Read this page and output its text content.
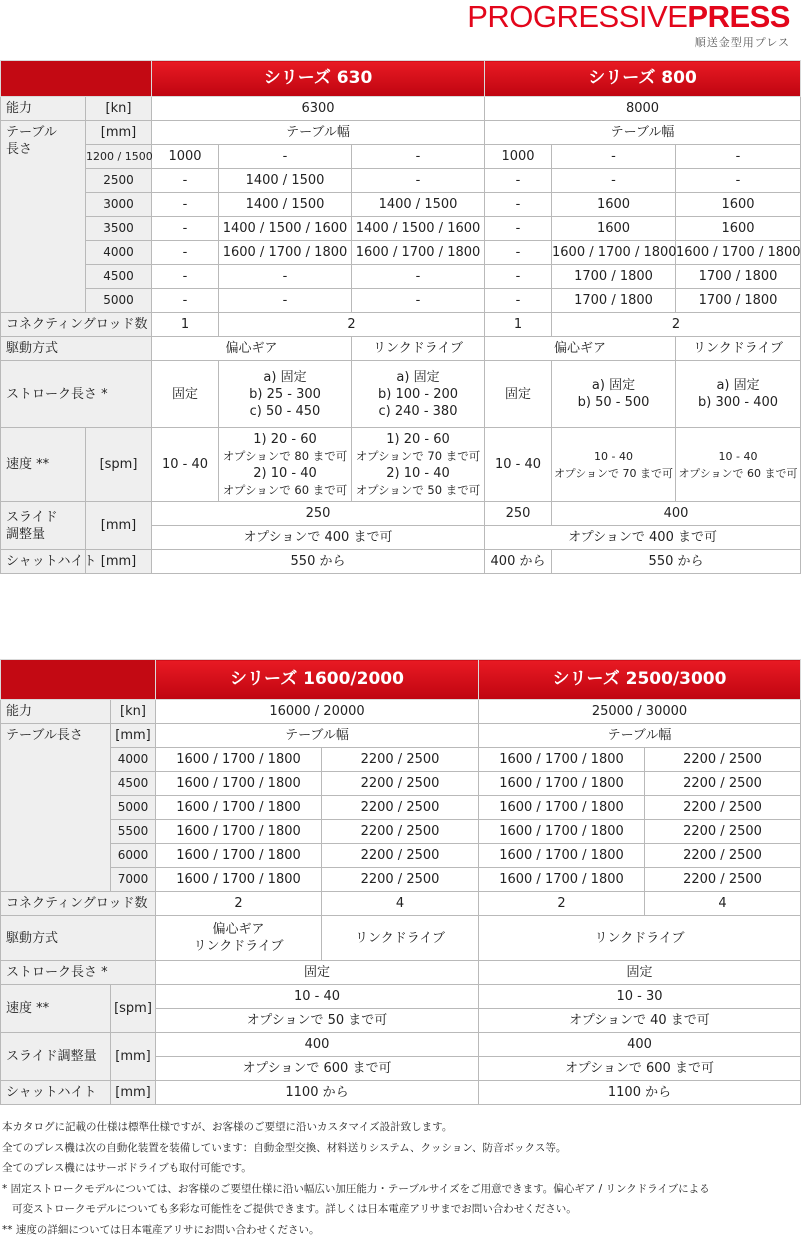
PROGRESSIVEPRESS
順送金型用プレス
		シリーズ 630			シリーズ 800		
能力	[kn]	6300			8000		

テーブル
長さ	[mm]	テーブル幅			テーブル幅		
	1200 / 1500	1000	-	-	1000	-	-
	2500	-	1400 / 1500	-	-	-	-
	3000	-	1400 / 1500	1400 / 1500	-	1600	1600
	3500	-	1400 / 1500 / 1600	1400 / 1500 / 1600	-	1600	1600
	4000	-	1600 / 1700 / 1800	1600 / 1700 / 1800	-	1600 / 1700 / 1800	1600 / 1700 / 1800
	4500	-	-	-	-	1700 / 1800	1700 / 1800
	5000	-	-	-	-	1700 / 1800	1700 / 1800
コネクティングロッド数		1	2		1	2	
駆動方式		偏心ギア		リンクドライブ	偏心ギア		リンクドライブ
ストローク長さ *		固定	a) 固定
b) 25 - 300
c) 50 - 450	a) 固定
b) 100 - 200
c) 240 - 380	固定	a) 固定
b) 50 - 500	a) 固定
b) 300 - 400

速度 **	[spm]	10 - 40	1) 20 - 60
オプションで 80 まで可
2) 10 - 40
オプションで 60 まで可	1) 20 - 60
オプションで 70 まで可
2) 10 - 40
オプションで 50 まで可	10 - 40	10 - 40
オプションで 70 まで可	10 - 40
オプションで 60 まで可

スライド
調整量	[mm]	250			250	400	
		オプションで 400 まで可			オプションで 400 まで可		
シャットハイト	[mm]	550 から			400 から	550 から	
		シリーズ 1600/2000		シリーズ 2500/3000	
能力	[kn]	16000 / 20000		25000 / 30000	
テーブル長さ	[mm]	テーブル幅		テーブル幅	
	4000	1600 / 1700 / 1800	2200 / 2500	1600 / 1700 / 1800	2200 / 2500
	4500	1600 / 1700 / 1800	2200 / 2500	1600 / 1700 / 1800	2200 / 2500
	5000	1600 / 1700 / 1800	2200 / 2500	1600 / 1700 / 1800	2200 / 2500
	5500	1600 / 1700 / 1800	2200 / 2500	1600 / 1700 / 1800	2200 / 2500
	6000	1600 / 1700 / 1800	2200 / 2500	1600 / 1700 / 1800	2200 / 2500
	7000	1600 / 1700 / 1800	2200 / 2500	1600 / 1700 / 1800	2200 / 2500
コネクティングロッド数		2	4	2	4
駆動方式		偏心ギア
リンクドライブ	リンクドライブ	リンクドライブ	
ストローク長さ *		固定		固定	
速度 **	[spm]	10 - 40		10 - 30	
		オプションで 50 まで可		オプションで 40 まで可	
スライド調整量	[mm]	400		400	
		オプションで 600 まで可		オプションで 600 まで可	
シャットハイト	[mm]	1100 から		1100 から	
本カタログに記載の仕様は標準仕様ですが、お客様のご要望に沿いカスタマイズ設計致します。
全てのプレス機は次の自動化装置を装備しています：自動金型交換、材料送りシステム、クッション、防音ボックス等。
全てのプレス機にはサーボドライブも取付可能です。
* 固定ストロークモデルについては、お客様のご要望仕様に沿い幅広い加圧能力・テーブルサイズをご用意できます。偏心ギア / リンクドライブによる
可変ストロークモデルについても多彩な可能性をご提供できます。詳しくは日本電産アリサまでお問い合わせください。
** 速度の詳細については日本電産アリサにお問い合わせください。
